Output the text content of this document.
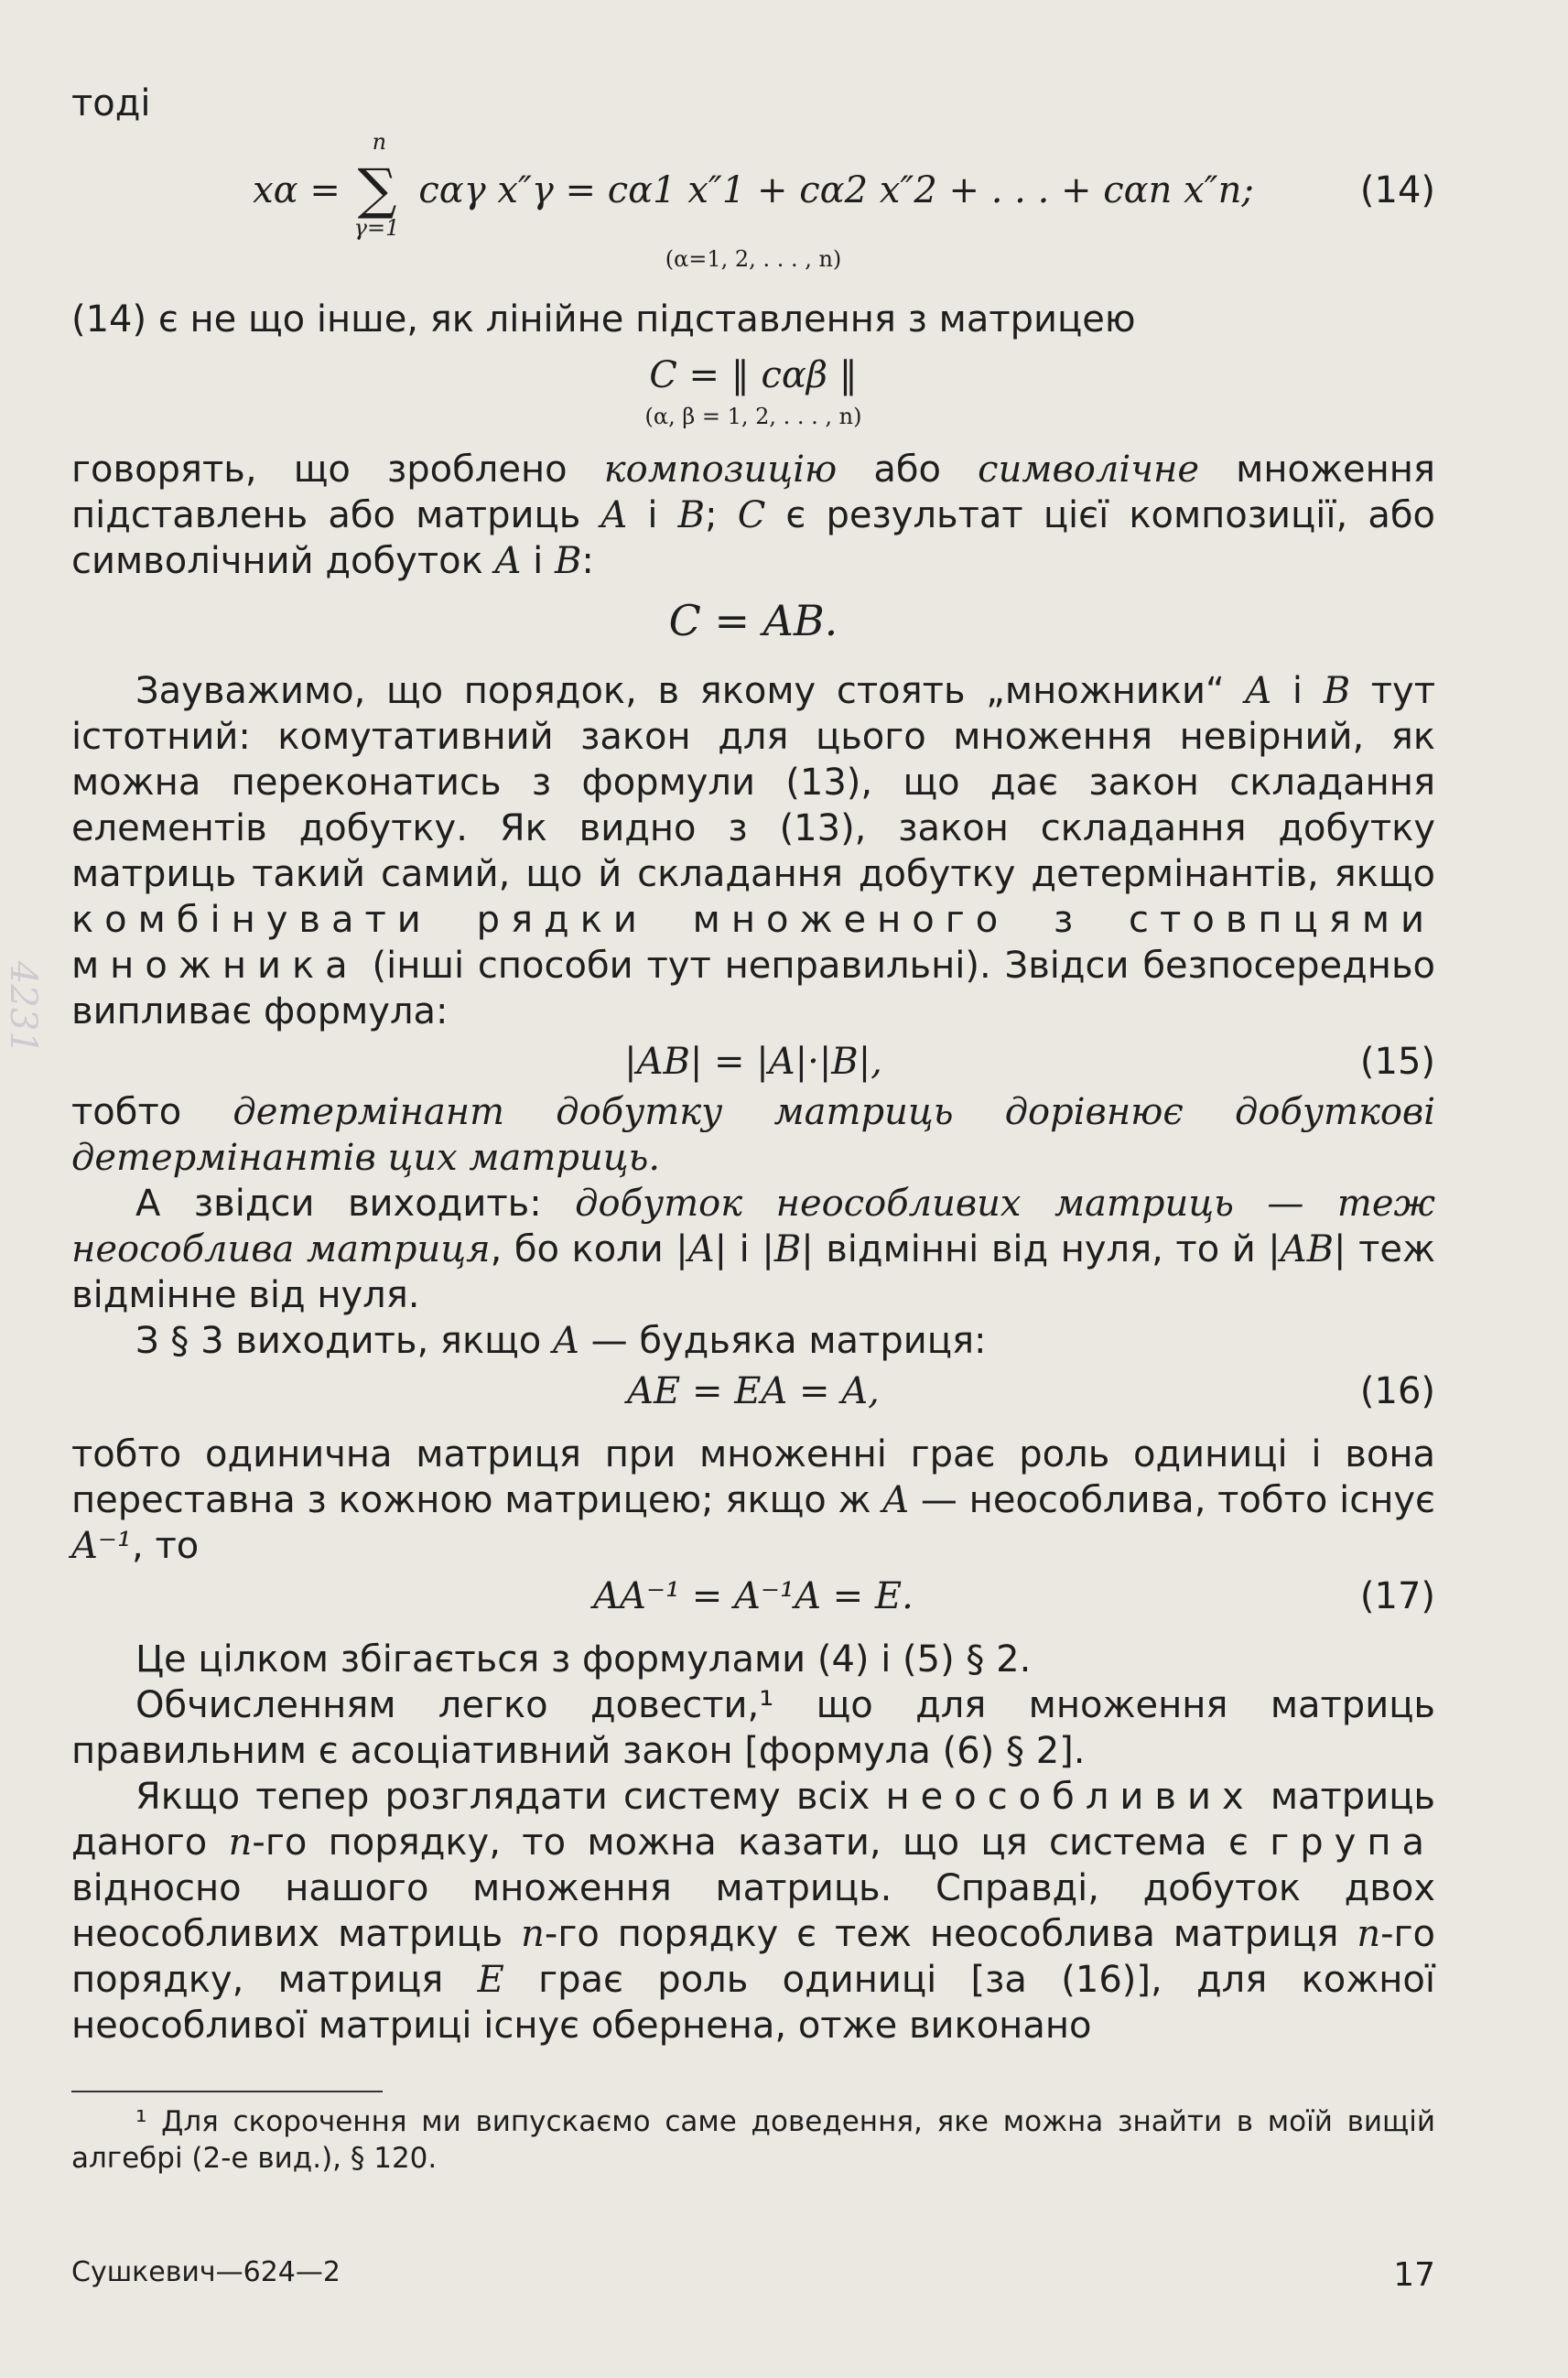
4231

тоді

xα =
n
∑
γ=1
cαγ x″γ = cα1 x″1 + cα2 x″2 + . . . + cαn x″n;	(14)
(α=1, 2, . . . , n)

(14) є не що інше, як лінійне підставлення з матрицею

C = ‖ cαβ ‖
(α, β = 1, 2, . . . , n)

говорять, що зроблено композицію або символічне множення підставлень або матриць A і B; C є результат цієї композиції, або символічний добуток A і B:

C = AB.

Зауважимо, що порядок, в якому стоять „множники“ A і B тут істотний: комутативний закон для цього множення невірний, як можна переконатись з формули (13), що дає закон складання елементів добутку. Як видно з (13), закон складання добутку матриць такий самий, що й складання добутку детермінантів, якщо комбінувати рядки множеного з стовпцями множника (інші способи тут неправильні). Звідси безпосередньо випливає формула:

|AB| = |A|·|B|,	(15)

тобто детермінант добутку матриць дорівнює добуткові детермінантів цих матриць.

А звідси виходить: добуток неособливих матриць — теж неособлива матриця, бо коли |A| і |B| відмінні від нуля, то й |AB| теж відмінне від нуля.

З § 3 виходить, якщо A — будьяка матриця:

AE = EA = A,	(16)

тобто одинична матриця при множенні грає роль одиниці і вона переставна з кожною матрицею; якщо ж A — неособлива, тобто існує A⁻¹, то

AA⁻¹ = A⁻¹A = E.	(17)

Це цілком збігається з формулами (4) і (5) § 2.

Обчисленням легко довести,¹ що для множення матриць правильним є асоціативний закон [формула (6) § 2].

Якщо тепер розглядати систему всіх неособливих матриць даного n-го порядку, то можна казати, що ця система є група відносно нашого множення матриць. Справді, добуток двох неособливих матриць n-го порядку є теж неособлива матриця n-го порядку, матриця E грає роль одиниці [за (16)], для кожної неособливої матриці існує обернена, отже виконано

¹ Для скорочення ми випускаємо саме доведення, яке можна знайти в моїй вищій алгебрі (2-е вид.), § 120.

Сушкевич—624—2	17
